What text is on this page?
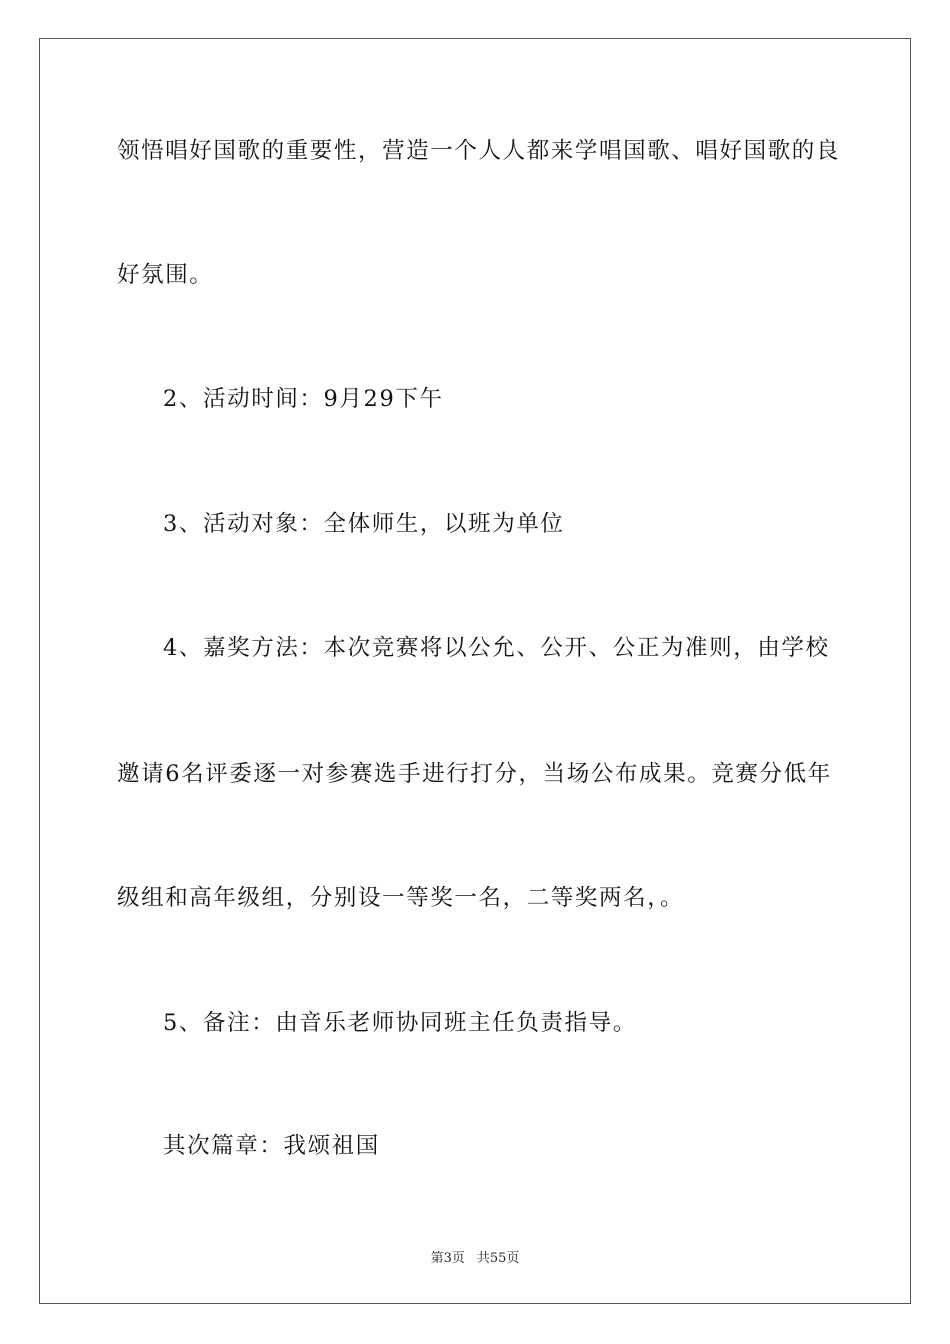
领悟唱好国歌的重要性，营造一个人人都来学唱国歌、唱好国歌的良
好氛围。
2、活动时间：9月29下午
3、活动对象：全体师生，以班为单位
4、嘉奖方法：本次竞赛将以公允、公开、公正为准则，由学校
邀请6名评委逐一对参赛选手进行打分，当场公布成果。竞赛分低年
级组和高年级组，分别设一等奖一名，二等奖两名，。
5、备注：由音乐老师协同班主任负责指导。
其次篇章：我颂祖国
第3页 共55页
